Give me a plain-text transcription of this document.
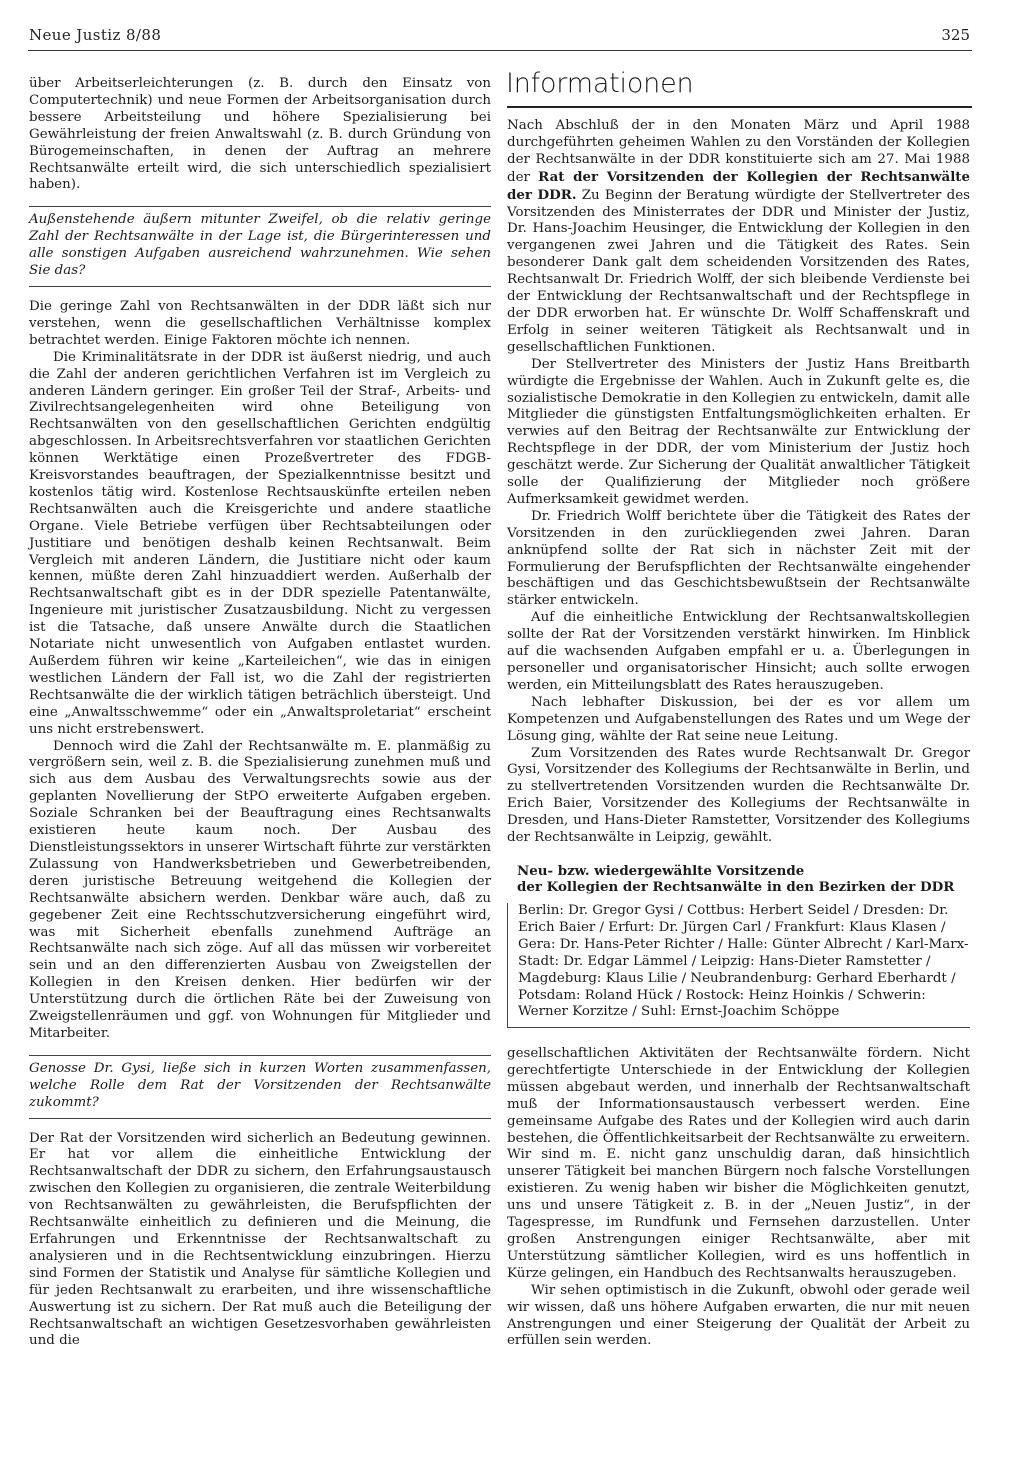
Neue Justiz 8/88	325

über Arbeitserleichterungen (z. B. durch den Einsatz von Computertechnik) und neue Formen der Arbeitsorganisation durch bessere Arbeitsteilung und höhere Spezialisierung bei Gewährleistung der freien Anwaltswahl (z. B. durch Gründung von Bürogemeinschaften, in denen der Auftrag an mehrere Rechtsanwälte erteilt wird, die sich unterschiedlich spezialisiert haben).

Außenstehende äußern mitunter Zweifel, ob die relativ geringe Zahl der Rechtsanwälte in der Lage ist, die Bürgerinteressen und alle sonstigen Aufgaben ausreichend wahrzunehmen. Wie sehen Sie das?

Die geringe Zahl von Rechtsanwälten in der DDR läßt sich nur verstehen, wenn die gesellschaftlichen Verhältnisse komplex betrachtet werden. Einige Faktoren möchte ich nennen.

Die Kriminalitätsrate in der DDR ist äußerst niedrig, und auch die Zahl der anderen gerichtlichen Verfahren ist im Vergleich zu anderen Ländern geringer. Ein großer Teil der Straf-, Arbeits- und Zivilrechtsangelegenheiten wird ohne Beteiligung von Rechtsanwälten von den gesellschaftlichen Gerichten endgültig abgeschlossen. In Arbeitsrechtsverfahren vor staatlichen Gerichten können Werktätige einen Prozeßvertreter des FDGB-Kreisvorstandes beauftragen, der Spezialkenntnisse besitzt und kostenlos tätig wird. Kostenlose Rechtsauskünfte erteilen neben Rechtsanwälten auch die Kreisgerichte und andere staatliche Organe. Viele Betriebe verfügen über Rechtsabteilungen oder Justitiare und benötigen deshalb keinen Rechtsanwalt. Beim Vergleich mit anderen Ländern, die Justitiare nicht oder kaum kennen, müßte deren Zahl hinzuaddiert werden. Außerhalb der Rechtsanwaltschaft gibt es in der DDR spezielle Patentanwälte, Ingenieure mit juristischer Zusatzausbildung. Nicht zu vergessen ist die Tatsache, daß unsere Anwälte durch die Staatlichen Notariate nicht unwesentlich von Aufgaben entlastet wurden. Außerdem führen wir keine „Karteileichen“, wie das in einigen westlichen Ländern der Fall ist, wo die Zahl der registrierten Rechtsanwälte die der wirklich tätigen beträchlich übersteigt. Und eine „Anwaltsschwemme“ oder ein „Anwaltsproletariat“ erscheint uns nicht erstrebenswert.

Dennoch wird die Zahl der Rechtsanwälte m. E. planmäßig zu vergrößern sein, weil z. B. die Spezialisierung zunehmen muß und sich aus dem Ausbau des Verwaltungsrechts sowie aus der geplanten Novellierung der StPO erweiterte Aufgaben ergeben. Soziale Schranken bei der Beauftragung eines Rechtsanwalts existieren heute kaum noch. Der Ausbau des Dienstleistungssektors in unserer Wirtschaft führte zur verstärkten Zulassung von Handwerksbetrieben und Gewerbetreibenden, deren juristische Betreuung weitgehend die Kollegien der Rechtsanwälte absichern werden. Denkbar wäre auch, daß zu gegebener Zeit eine Rechtsschutzversicherung eingeführt wird, was mit Sicherheit ebenfalls zunehmend Aufträge an Rechtsanwälte nach sich zöge. Auf all das müssen wir vorbereitet sein und an den differenzierten Ausbau von Zweigstellen der Kollegien in den Kreisen denken. Hier bedürfen wir der Unterstützung durch die örtlichen Räte bei der Zuweisung von Zweigstellenräumen und ggf. von Wohnungen für Mitglieder und Mitarbeiter.

Genosse Dr. Gysi, ließe sich in kurzen Worten zusammenfassen, welche Rolle dem Rat der Vorsitzenden der Rechtsanwälte zukommt?

Der Rat der Vorsitzenden wird sicherlich an Bedeutung gewinnen. Er hat vor allem die einheitliche Entwicklung der Rechtsanwaltschaft der DDR zu sichern, den Erfahrungsaustausch zwischen den Kollegien zu organisieren, die zentrale Weiterbildung von Rechtsanwälten zu gewährleisten, die Berufspflichten der Rechtsanwälte einheitlich zu definieren und die Meinung, die Erfahrungen und Erkenntnisse der Rechtsanwaltschaft zu analysieren und in die Rechtsentwicklung einzubringen. Hierzu sind Formen der Statistik und Analyse für sämtliche Kollegien und für jeden Rechtsanwalt zu erarbeiten, und ihre wissenschaftliche Auswertung ist zu sichern. Der Rat muß auch die Beteiligung der Rechtsanwaltschaft an wichtigen Gesetzesvorhaben gewährleisten und die

Informationen

Nach Abschluß der in den Monaten März und April 1988 durchgeführten geheimen Wahlen zu den Vorständen der Kollegien der Rechtsanwälte in der DDR konstituierte sich am 27. Mai 1988 der Rat der Vorsitzenden der Kollegien der Rechtsanwälte der DDR. Zu Beginn der Beratung würdigte der Stellvertreter des Vorsitzenden des Ministerrates der DDR und Minister der Justiz, Dr. Hans-Joachim Heusinger, die Entwicklung der Kollegien in den vergangenen zwei Jahren und die Tätigkeit des Rates. Sein besonderer Dank galt dem scheidenden Vorsitzenden des Rates, Rechtsanwalt Dr. Friedrich Wolff, der sich bleibende Verdienste bei der Entwicklung der Rechtsanwaltschaft und der Rechtspflege in der DDR erworben hat. Er wünschte Dr. Wolff Schaffenskraft und Erfolg in seiner weiteren Tätigkeit als Rechtsanwalt und in gesellschaftlichen Funktionen.

Der Stellvertreter des Ministers der Justiz Hans Breitbarth würdigte die Ergebnisse der Wahlen. Auch in Zukunft gelte es, die sozialistische Demokratie in den Kollegien zu entwickeln, damit alle Mitglieder die günstigsten Entfaltungsmöglichkeiten erhalten. Er verwies auf den Beitrag der Rechtsanwälte zur Entwicklung der Rechtspflege in der DDR, der vom Ministerium der Justiz hoch geschätzt werde. Zur Sicherung der Qualität anwaltlicher Tätigkeit solle der Qualifizierung der Mitglieder noch größere Aufmerksamkeit gewidmet werden.

Dr. Friedrich Wolff berichtete über die Tätigkeit des Rates der Vorsitzenden in den zurückliegenden zwei Jahren. Daran anknüpfend sollte der Rat sich in nächster Zeit mit der Formulierung der Berufspflichten der Rechtsanwälte eingehender beschäftigen und das Geschichtsbewußtsein der Rechtsanwälte stärker entwickeln.

Auf die einheitliche Entwicklung der Rechtsanwaltskollegien sollte der Rat der Vorsitzenden verstärkt hinwirken. Im Hinblick auf die wachsenden Aufgaben empfahl er u. a. Überlegungen in personeller und organisatorischer Hinsicht; auch sollte erwogen werden, ein Mitteilungsblatt des Rates herauszugeben.

Nach lebhafter Diskussion, bei der es vor allem um Kompetenzen und Aufgabenstellungen des Rates und um Wege der Lösung ging, wählte der Rat seine neue Leitung.

Zum Vorsitzenden des Rates wurde Rechtsanwalt Dr. Gregor Gysi, Vorsitzender des Kollegiums der Rechtsanwälte in Berlin, und zu stellvertretenden Vorsitzenden wurden die Rechtsanwälte Dr. Erich Baier, Vorsitzender des Kollegiums der Rechtsanwälte in Dresden, und Hans-Dieter Ramstetter, Vorsitzender des Kollegiums der Rechtsanwälte in Leipzig, gewählt.

Neu- bzw. wiedergewählte Vorsitzende
der Kollegien der Rechtsanwälte in den Bezirken der DDR

Berlin: Dr. Gregor Gysi / Cottbus: Herbert Seidel / Dresden: Dr. Erich Baier / Erfurt: Dr. Jürgen Carl / Frankfurt: Klaus Klasen / Gera: Dr. Hans-Peter Richter / Halle: Günter Albrecht / Karl-Marx-Stadt: Dr. Edgar Lämmel / Leipzig: Hans-Dieter Ramstetter / Magdeburg: Klaus Lilie / Neubrandenburg: Gerhard Eberhardt / Potsdam: Roland Hück / Rostock: Heinz Hoinkis / Schwerin: Werner Korzitze / Suhl: Ernst-Joachim Schöppe

gesellschaftlichen Aktivitäten der Rechtsanwälte fördern. Nicht gerechtfertigte Unterschiede in der Entwicklung der Kollegien müssen abgebaut werden, und innerhalb der Rechtsanwaltschaft muß der Informationsaustausch verbessert werden. Eine gemeinsame Aufgabe des Rates und der Kollegien wird auch darin bestehen, die Öffentlichkeitsarbeit der Rechtsanwälte zu erweitern. Wir sind m. E. nicht ganz unschuldig daran, daß hinsichtlich unserer Tätigkeit bei manchen Bürgern noch falsche Vorstellungen existieren. Zu wenig haben wir bisher die Möglichkeiten genutzt, uns und unsere Tätigkeit z. B. in der „Neuen Justiz“, in der Tagespresse, im Rundfunk und Fernsehen darzustellen. Unter großen Anstrengungen einiger Rechtsanwälte, aber mit Unterstützung sämtlicher Kollegien, wird es uns hoffentlich in Kürze gelingen, ein Handbuch des Rechtsanwalts herauszugeben.

Wir sehen optimistisch in die Zukunft, obwohl oder gerade weil wir wissen, daß uns höhere Aufgaben erwarten, die nur mit neuen Anstrengungen und einer Steigerung der Qualität der Arbeit zu erfüllen sein werden.
